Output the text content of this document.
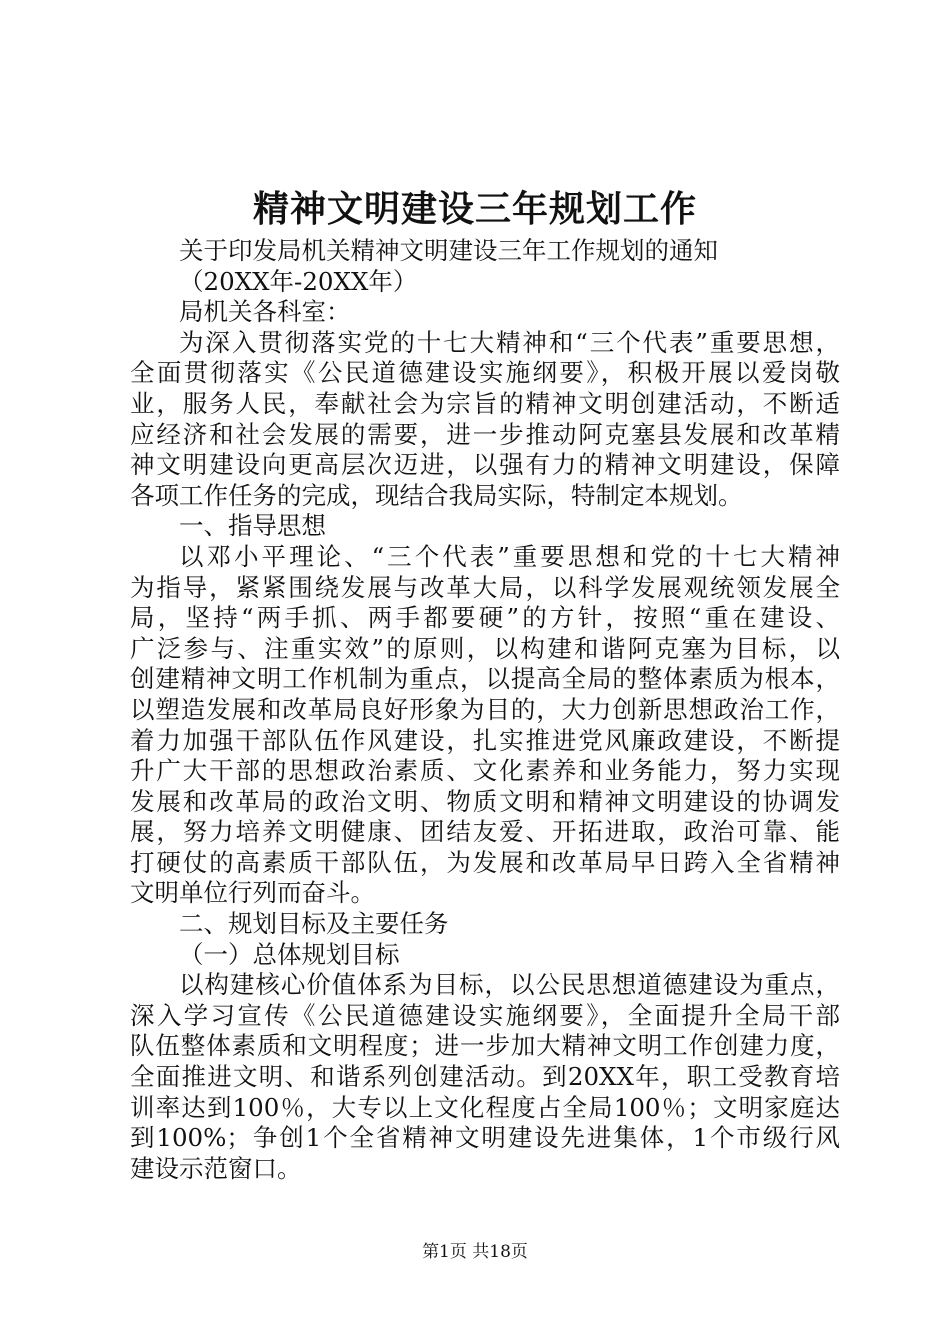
精神文明建设三年规划工作
关于印发局机关精神文明建设三年工作规划的通知
（20XX年-20XX年）
局机关各科室：
为深入贯彻落实党的十七大精神和“三个代表”重要思想，
全面贯彻落实《公民道德建设实施纲要》，积极开展以爱岗敬
业，服务人民，奉献社会为宗旨的精神文明创建活动，不断适
应经济和社会发展的需要，进一步推动阿克塞县发展和改革精
神文明建设向更高层次迈进，以强有力的精神文明建设，保障
各项工作任务的完成，现结合我局实际，特制定本规划。
一、指导思想
以邓小平理论、“三个代表”重要思想和党的十七大精神
为指导，紧紧围绕发展与改革大局，以科学发展观统领发展全
局，坚持“两手抓、两手都要硬”的方针，按照“重在建设、
广泛参与、注重实效”的原则，以构建和谐阿克塞为目标，以
创建精神文明工作机制为重点，以提高全局的整体素质为根本，
以塑造发展和改革局良好形象为目的，大力创新思想政治工作，
着力加强干部队伍作风建设，扎实推进党风廉政建设，不断提
升广大干部的思想政治素质、文化素养和业务能力，努力实现
发展和改革局的政治文明、物质文明和精神文明建设的协调发
展，努力培养文明健康、团结友爱、开拓进取，政治可靠、能
打硬仗的高素质干部队伍，为发展和改革局早日跨入全省精神
文明单位行列而奋斗。
二、规划目标及主要任务
（一）总体规划目标
以构建核心价值体系为目标，以公民思想道德建设为重点，
深入学习宣传《公民道德建设实施纲要》，全面提升全局干部
队伍整体素质和文明程度；进一步加大精神文明工作创建力度，
全面推进文明、和谐系列创建活动。到20XX年，职工受教育培
训率达到100％，大专以上文化程度占全局100％；文明家庭达
到100%；争创1个全省精神文明建设先进集体，1个市级行风
建设示范窗口。
第1页 共18页
